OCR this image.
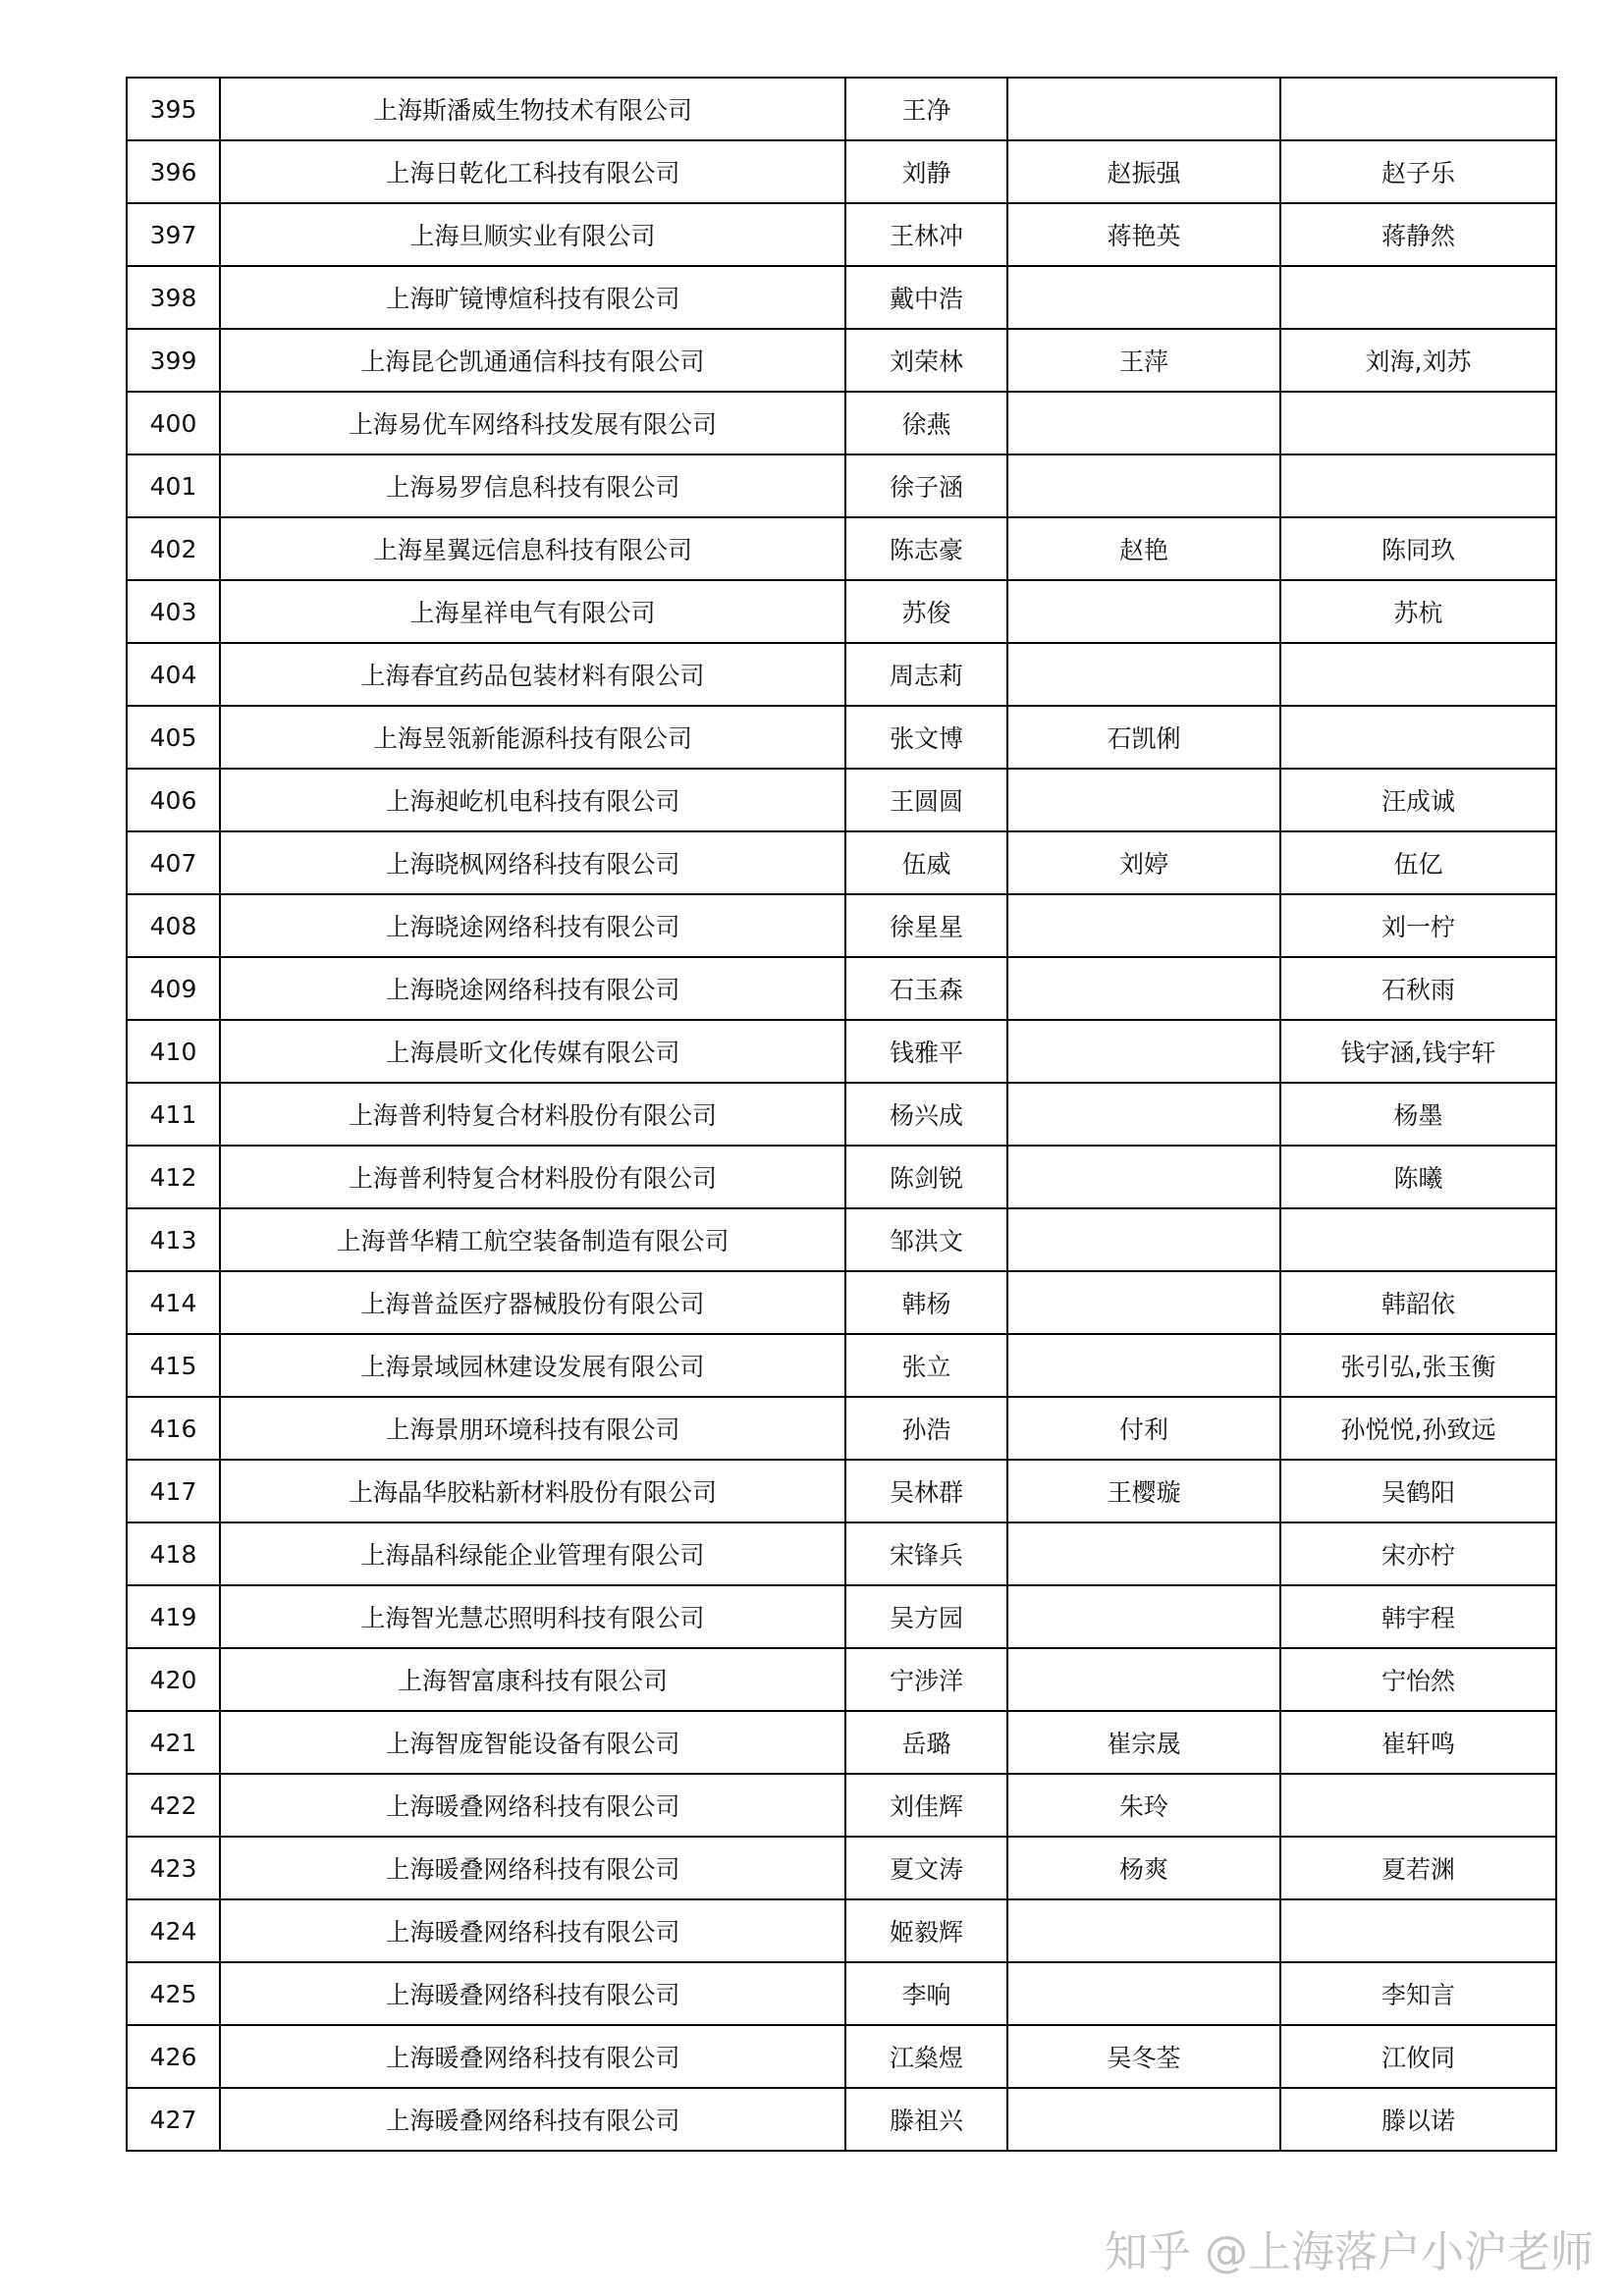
395	上海斯潘威生物技术有限公司	王净		
396	上海日乾化工科技有限公司	刘静	赵振强	赵子乐
397	上海旦顺实业有限公司	王林冲	蒋艳英	蒋静然
398	上海旷镜博煊科技有限公司	戴中浩		
399	上海昆仑凯通通信科技有限公司	刘荣林	王萍	刘海,刘苏
400	上海易优车网络科技发展有限公司	徐燕		
401	上海易罗信息科技有限公司	徐子涵		
402	上海星翼远信息科技有限公司	陈志豪	赵艳	陈同玖
403	上海星祥电气有限公司	苏俊		苏杭
404	上海春宜药品包装材料有限公司	周志莉		
405	上海昱瓴新能源科技有限公司	张文博	石凯俐	
406	上海昶屹机电科技有限公司	王圆圆		汪成诚
407	上海晓枫网络科技有限公司	伍威	刘婷	伍亿
408	上海晓途网络科技有限公司	徐星星		刘一柠
409	上海晓途网络科技有限公司	石玉森		石秋雨
410	上海晨昕文化传媒有限公司	钱雅平		钱宇涵,钱宇轩
411	上海普利特复合材料股份有限公司	杨兴成		杨墨
412	上海普利特复合材料股份有限公司	陈剑锐		陈曦
413	上海普华精工航空装备制造有限公司	邹洪文		
414	上海普益医疗器械股份有限公司	韩杨		韩韶依
415	上海景域园林建设发展有限公司	张立		张引弘,张玉衡
416	上海景朋环境科技有限公司	孙浩	付利	孙悦悦,孙致远
417	上海晶华胶粘新材料股份有限公司	吴林群	王樱璇	吴鹤阳
418	上海晶科绿能企业管理有限公司	宋锋兵		宋亦柠
419	上海智光慧芯照明科技有限公司	吴方园		韩宇程
420	上海智富康科技有限公司	宁涉洋		宁怡然
421	上海智庞智能设备有限公司	岳璐	崔宗晟	崔轩鸣
422	上海暖叠网络科技有限公司	刘佳辉	朱玲	
423	上海暖叠网络科技有限公司	夏文涛	杨爽	夏若渊
424	上海暖叠网络科技有限公司	姬毅辉		
425	上海暖叠网络科技有限公司	李响		李知言
426	上海暖叠网络科技有限公司	江燊煜	吴冬荃	江攸同
427	上海暖叠网络科技有限公司	滕祖兴		滕以诺
知乎 @上海落户小沪老师
